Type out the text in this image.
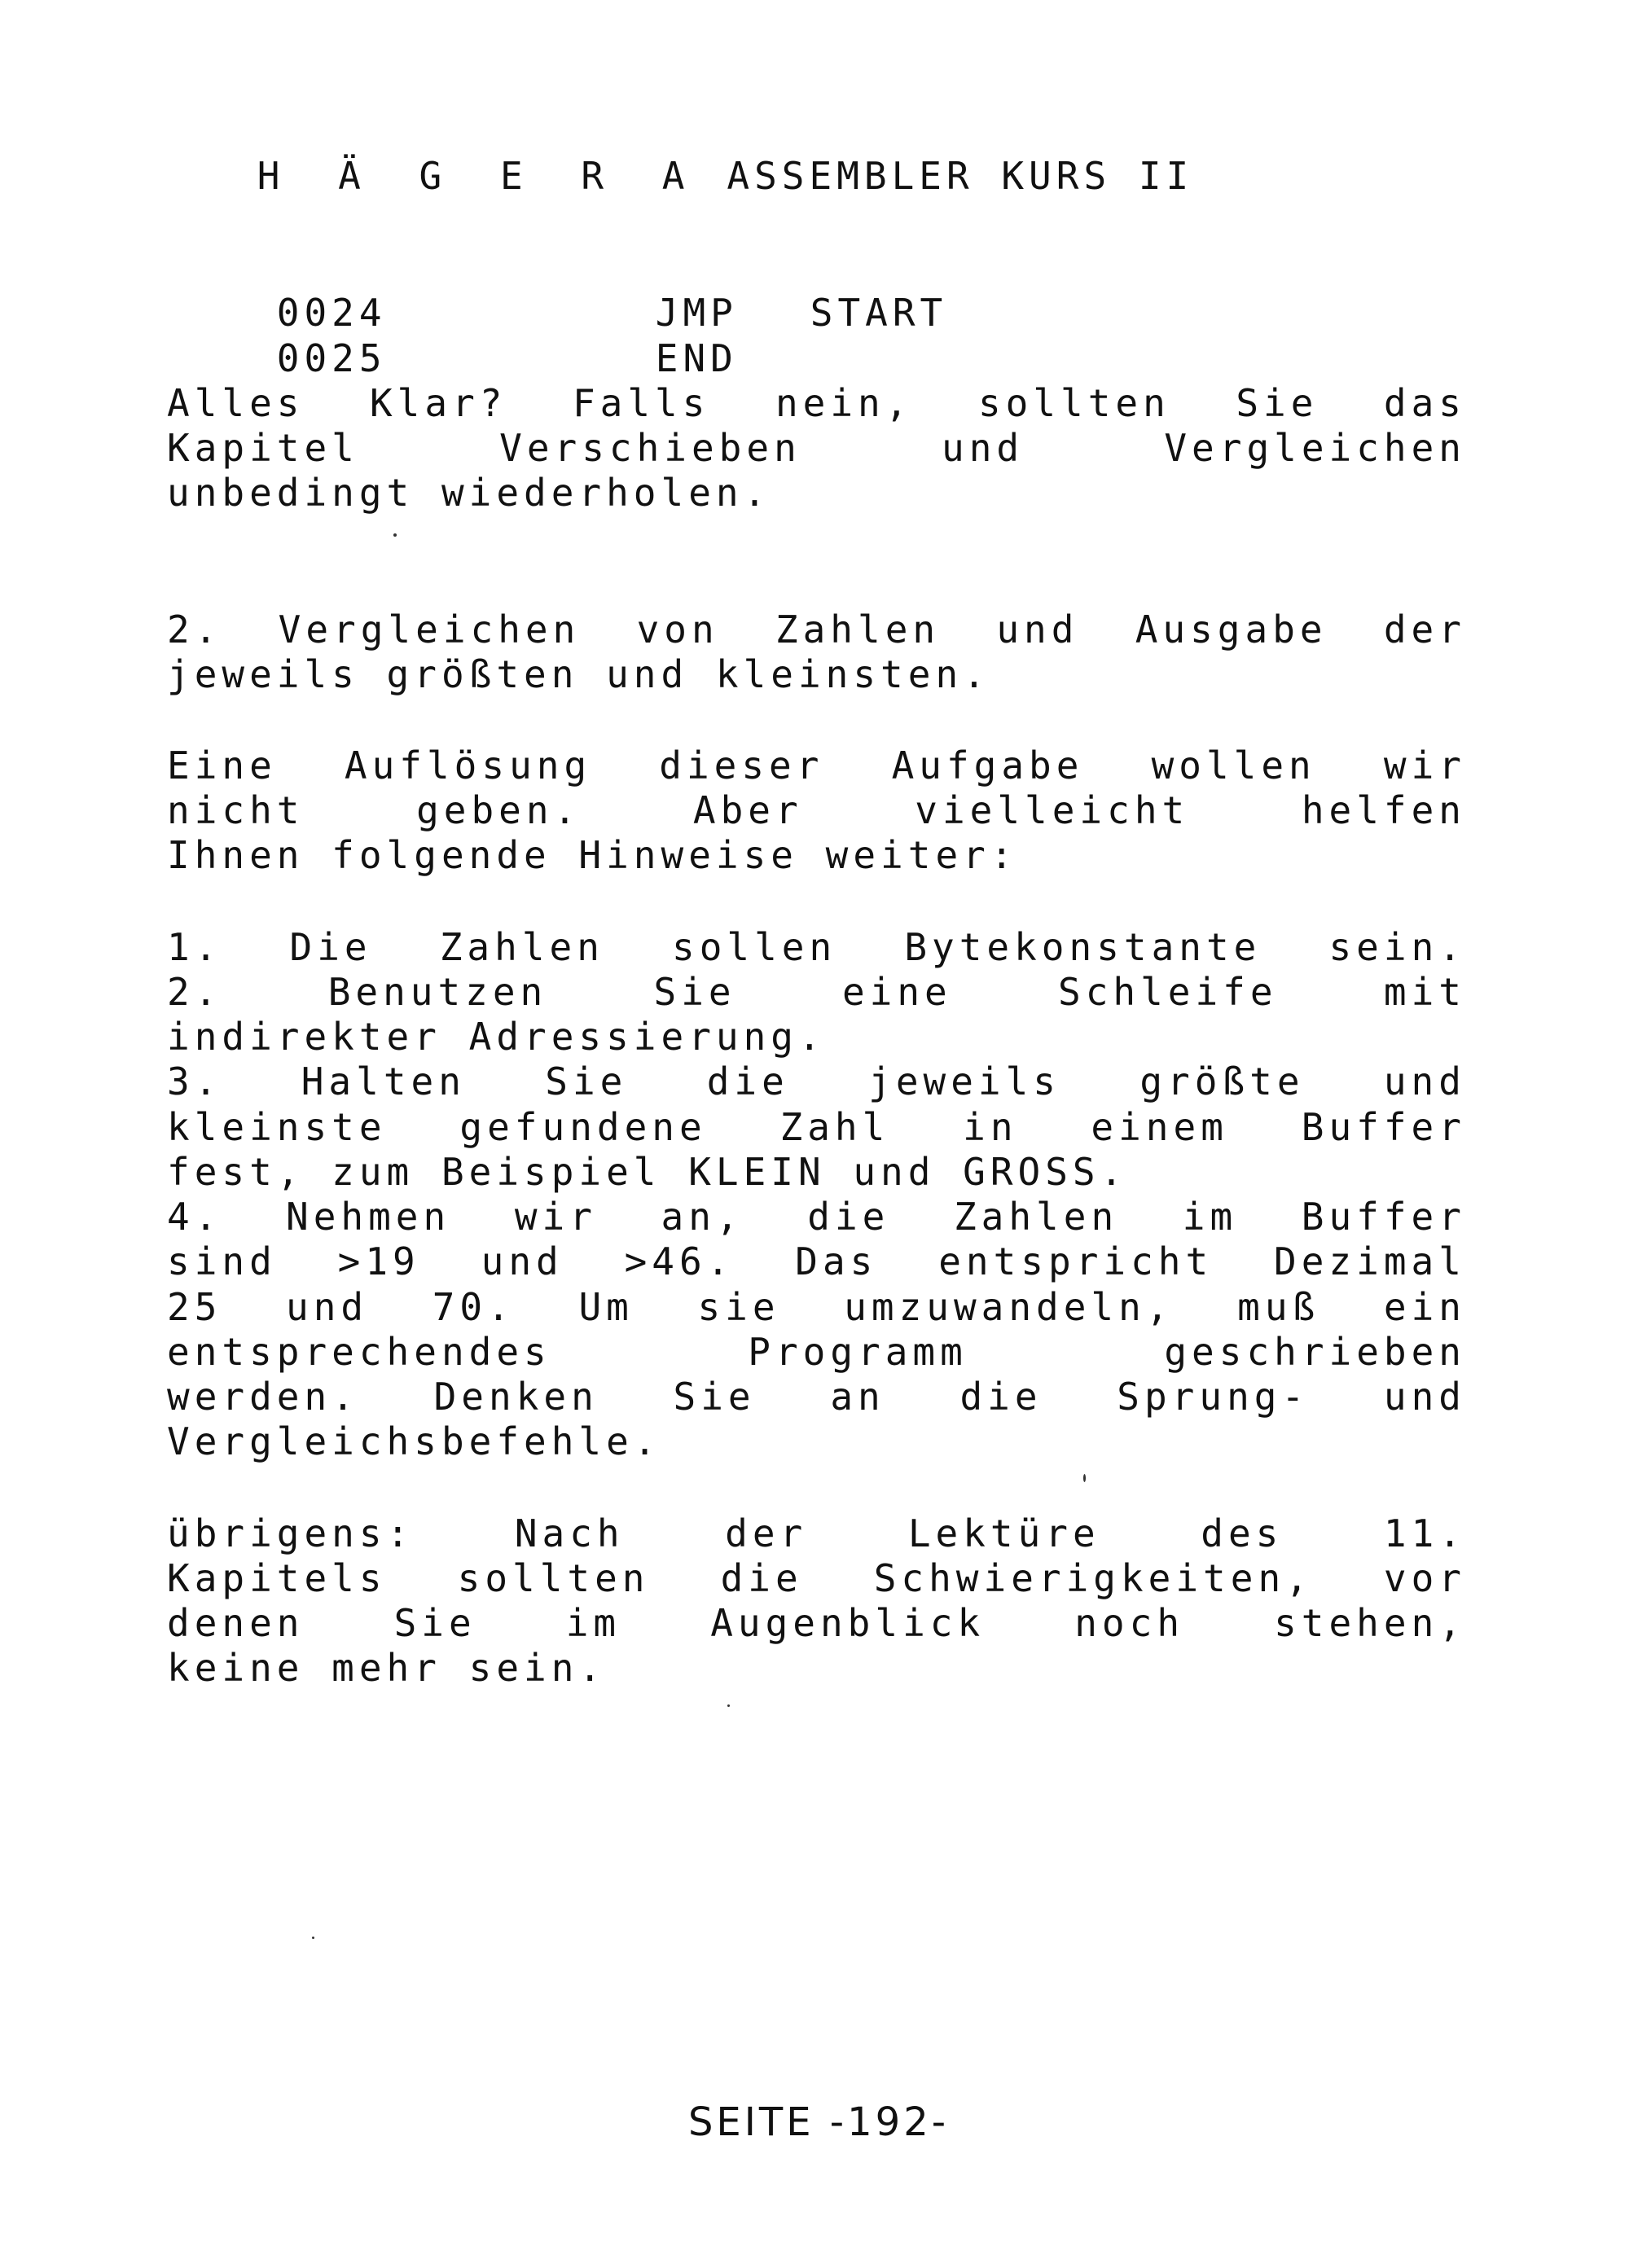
H Ä G E R A ASSEMBLER KURS II

0024	JMP START

0025	END

Alles Klar? Falls nein, sollten Sie das
Kapitel	Verschieben	und	Vergleichen
unbedingt wiederholen.
2. Vergleichen von Zahlen und Ausgabe der
jeweils größten und kleinsten.
Eine Auflösung dieser Aufgabe wollen wir
nicht	geben.	Aber	vielleicht	helfen
Ihnen folgende Hinweise weiter:
1. Die Zahlen sollen Bytekonstante sein.
2.	Benutzen	Sie	eine	Schleife	mit
indirekter Adressierung.
3. Halten Sie die jeweils größte und
kleinste gefundene Zahl in einem Buffer
fest, zum Beispiel KLEIN und GROSS.
4. Nehmen wir an, die Zahlen im Buffer
sind >19 und >46. Das entspricht Dezimal
25 und 70. Um sie umzuwandeln, muß ein
entsprechendes	Programm	geschrieben
werden. Denken Sie an die Sprung- und
Vergleichsbefehle.
übrigens:	Nach	der	Lektüre	des	11.
Kapitels sollten die Schwierigkeiten, vor
denen Sie im Augenblick noch stehen,
keine mehr sein.
SEITE -192-
